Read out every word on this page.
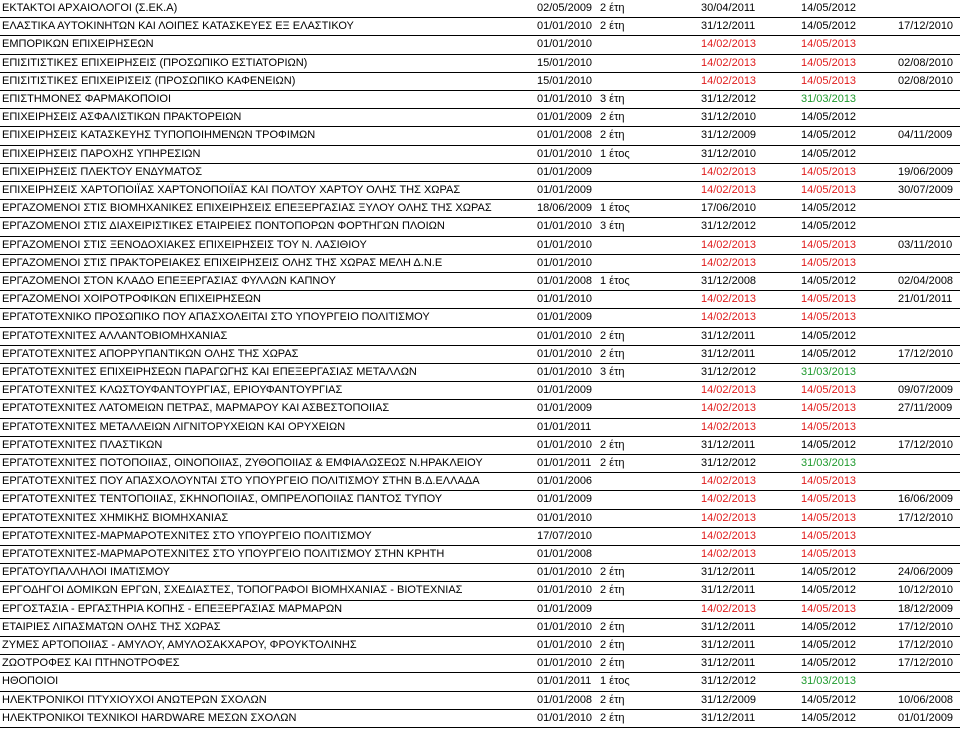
ΕΚΤΑΚΤΟΙ ΑΡΧΑΙΟΛΟΓΟΙ (Σ.ΕΚ.Α)	02/05/2009 2 έτη	30/04/2011	14/05/2012
ΕΛΑΣΤΙΚΑ ΑΥΤΟΚΙΝΗΤΩΝ ΚΑΙ ΛΟΙΠΕΣ ΚΑΤΑΣΚΕΥΕΣ ΕΞ ΕΛΑΣΤΙΚΟΥ	01/01/2010 2 έτη	31/12/2011	14/05/2012	17/12/2010
ΕΜΠΟΡΙΚΩΝ ΕΠΙΧΕΙΡΗΣΕΩΝ	01/01/2010	14/02/2013	14/05/2013
ΕΠΙΣΙΤΙΣΤΙΚΕΣ ΕΠΙΧΕΙΡΗΣΕΙΣ (ΠΡΟΣΩΠΙΚΟ ΕΣΤΙΑΤΟΡΙΩΝ)	15/01/2010	14/02/2013	14/05/2013	02/08/2010
ΕΠΙΣΙΤΙΣΤΙΚΕΣ ΕΠΙΧΕΙΡΙΣΕΙΣ (ΠΡΟΣΩΠΙΚΟ ΚΑΦΕΝΕΙΩΝ)	15/01/2010	14/02/2013	14/05/2013	02/08/2010
ΕΠΙΣΤΗΜΟΝΕΣ ΦΑΡΜΑΚΟΠΟΙΟΙ	01/01/2010 3 έτη	31/12/2012	31/03/2013
ΕΠΙΧΕΙΡΗΣΕΙΣ ΑΣΦΑΛΙΣΤΙΚΩΝ ΠΡΑΚΤΟΡΕΙΩΝ	01/01/2009 2 έτη	31/12/2010	14/05/2012
ΕΠΙΧΕΙΡΗΣΕΙΣ ΚΑΤΑΣΚΕΥΗΣ ΤΥΠΟΠΟΙΗΜΕΝΩΝ ΤΡΟΦΙΜΩΝ	01/01/2008 2 έτη	31/12/2009	14/05/2012	04/11/2009
ΕΠΙΧΕΙΡΗΣΕΙΣ ΠΑΡΟΧΗΣ ΥΠΗΡΕΣΙΩΝ	01/01/2010 1 έτος	31/12/2010	14/05/2012
ΕΠΙΧΕΙΡΗΣΕΙΣ ΠΛΕΚΤΟΥ ΕΝΔΥΜΑΤΟΣ	01/01/2009	14/02/2013	14/05/2013	19/06/2009
ΕΠΙΧΕΙΡΗΣΕΙΣ ΧΑΡΤΟΠΟΙΪΑΣ ΧΑΡΤΟΝΟΠΟΙΪΑΣ ΚΑΙ ΠΟΛΤΟΥ ΧΑΡΤΟΥ ΟΛΗΣ ΤΗΣ ΧΩΡΑΣ	01/01/2009	14/02/2013	14/05/2013	30/07/2009
ΕΡΓΑΖΟΜΕΝΟΙ ΣΤΙΣ ΒΙΟΜΗΧΑΝΙΚΕΣ ΕΠΙΧΕΙΡΗΣΕΙΣ ΕΠΕΞΕΡΓΑΣΙΑΣ ΞΥΛΟΥ ΟΛΗΣ ΤΗΣ ΧΩΡΑΣ	18/06/2009 1 έτος	17/06/2010	14/05/2012
ΕΡΓΑΖΟΜΕΝΟΙ ΣΤΙΣ ΔΙΑΧΕΙΡΙΣΤΙΚΕΣ ΕΤΑΙΡΕΙΕΣ ΠΟΝΤΟΠΟΡΩΝ ΦΟΡΤΗΓΩΝ ΠΛΟΙΩΝ	01/01/2010 3 έτη	31/12/2012	14/05/2012
ΕΡΓΑΖΟΜΕΝΟΙ ΣΤΙΣ ΞΕΝΟΔΟΧΙΑΚΕΣ ΕΠΙΧΕΙΡΗΣΕΙΣ ΤΟΥ Ν. ΛΑΣΙΘΙΟΥ	01/01/2010	14/02/2013	14/05/2013	03/11/2010
ΕΡΓΑΖΟΜΕΝΟΙ ΣΤΙΣ ΠΡΑΚΤΟΡΕΙΑΚΕΣ ΕΠΙΧΕΙΡΗΣΕΙΣ ΟΛΗΣ ΤΗΣ ΧΩΡΑΣ ΜΕΛΗ Δ.Ν.Ε	01/01/2010	14/02/2013	14/05/2013
ΕΡΓΑΖΟΜΕΝΟΙ ΣΤΟΝ ΚΛΑΔΟ ΕΠΕΞΕΡΓΑΣΙΑΣ ΦΥΛΛΩΝ ΚΑΠΝΟΥ	01/01/2008 1 έτος	31/12/2008	14/05/2012	02/04/2008
ΕΡΓΑΖΟΜΕΝΟΙ ΧΟΙΡΟΤΡΟΦΙΚΩΝ ΕΠΙΧΕΙΡΗΣΕΩΝ	01/01/2010	14/02/2013	14/05/2013	21/01/2011
ΕΡΓΑΤΟΤΕΧΝΙΚΟ ΠΡΟΣΩΠΙΚΟ ΠΟΥ ΑΠΑΣΧΟΛΕΙΤΑΙ ΣΤΟ ΥΠΟΥΡΓΕΙΟ ΠΟΛΙΤΙΣΜΟΥ	01/01/2009	14/02/2013	14/05/2013
ΕΡΓΑΤΟΤΕΧΝΙΤΕΣ ΑΛΛΑΝΤΟΒΙΟΜΗΧΑΝΙΑΣ	01/01/2010 2 έτη	31/12/2011	14/05/2012
ΕΡΓΑΤΟΤΕΧΝΙΤΕΣ ΑΠΟΡΡΥΠΑΝΤΙΚΩΝ ΟΛΗΣ ΤΗΣ ΧΩΡΑΣ	01/01/2010 2 έτη	31/12/2011	14/05/2012	17/12/2010
ΕΡΓΑΤΟΤΕΧΝΙΤΕΣ ΕΠΙΧΕΙΡΗΣΕΩΝ ΠΑΡΑΓΩΓΗΣ ΚΑΙ ΕΠΕΞΕΡΓΑΣΙΑΣ ΜΕΤΑΛΛΩΝ	01/01/2010 3 έτη	31/12/2012	31/03/2013
ΕΡΓΑΤΟΤΕΧΝΙΤΕΣ ΚΛΩΣΤΟΥΦΑΝΤΟΥΡΓΙΑΣ, ΕΡΙΟΥΦΑΝΤΟΥΡΓΙΑΣ	01/01/2009	14/02/2013	14/05/2013	09/07/2009
ΕΡΓΑΤΟΤΕΧΝΙΤΕΣ ΛΑΤΟΜΕΙΩΝ ΠΕΤΡΑΣ, ΜΑΡΜΑΡΟΥ ΚΑΙ ΑΣΒΕΣΤΟΠΟΙΙΑΣ	01/01/2009	14/02/2013	14/05/2013	27/11/2009
ΕΡΓΑΤΟΤΕΧΝΙΤΕΣ ΜΕΤΑΛΛΕΙΩΝ ΛΙΓΝΙΤΟΡΥΧΕΙΩΝ ΚΑΙ ΟΡΥΧΕΙΩΝ	01/01/2011	14/02/2013	14/05/2013
ΕΡΓΑΤΟΤΕΧΝΙΤΕΣ ΠΛΑΣΤΙΚΩΝ	01/01/2010 2 έτη	31/12/2011	14/05/2012	17/12/2010
ΕΡΓΑΤΟΤΕΧΝΙΤΕΣ ΠΟΤΟΠΟΙΙΑΣ, ΟΙΝΟΠΟΙΙΑΣ, ΖΥΘΟΠΟΙΙΑΣ & ΕΜΦΙΑΛΩΣΕΩΣ Ν.ΗΡΑΚΛΕΙΟΥ	01/01/2011 2 έτη	31/12/2012	31/03/2013
ΕΡΓΑΤΟΤΕΧΝΙΤΕΣ ΠΟΥ ΑΠΑΣΧΟΛΟΥΝΤΑΙ ΣΤΟ ΥΠΟΥΡΓΕΙΟ ΠΟΛΙΤΙΣΜΟΥ ΣΤΗΝ Β.Δ.ΕΛΛΑΔΑ	01/01/2006	14/02/2013	14/05/2013
ΕΡΓΑΤΟΤΕΧΝΙΤΕΣ ΤΕΝΤΟΠΟΙΙΑΣ, ΣΚΗΝΟΠΟΙΙΑΣ, ΟΜΠΡΕΛΟΠΟΙΙΑΣ ΠΑΝΤΟΣ ΤΥΠΟΥ	01/01/2009	14/02/2013	14/05/2013	16/06/2009
ΕΡΓΑΤΟΤΕΧΝΙΤΕΣ ΧΗΜΙΚΗΣ ΒΙΟΜΗΧΑΝΙΑΣ	01/01/2010	14/02/2013	14/05/2013	17/12/2010
ΕΡΓΑΤΟΤΕΧΝΙΤΕΣ-ΜΑΡΜΑΡΟΤΕΧΝΙΤΕΣ ΣΤΟ ΥΠΟΥΡΓΕΙΟ ΠΟΛΙΤΙΣΜΟΥ	17/07/2010	14/02/2013	14/05/2013
ΕΡΓΑΤΟΤΕΧΝΙΤΕΣ-ΜΑΡΜΑΡΟΤΕΧΝΙΤΕΣ ΣΤΟ ΥΠΟΥΡΓΕΙΟ ΠΟΛΙΤΙΣΜΟΥ ΣΤΗΝ ΚΡΗΤΗ	01/01/2008	14/02/2013	14/05/2013
ΕΡΓΑΤΟΥΠΑΛΛΗΛΟΙ ΙΜΑΤΙΣΜΟΥ	01/01/2010 2 έτη	31/12/2011	14/05/2012	24/06/2009
ΕΡΓΟΔΗΓΟΙ ΔΟΜΙΚΩΝ ΕΡΓΩΝ, ΣΧΕΔΙΑΣΤΕΣ, ΤΟΠΟΓΡΑΦΟΙ ΒΙΟΜΗΧΑΝΙΑΣ - ΒΙΟΤΕΧΝΙΑΣ	01/01/2010 2 έτη	31/12/2011	14/05/2012	10/12/2010
ΕΡΓΟΣΤΑΣΙΑ - ΕΡΓΑΣΤΗΡΙΑ ΚΟΠΗΣ - ΕΠΕΞΕΡΓΑΣΙΑΣ ΜΑΡΜΑΡΩΝ	01/01/2009	14/02/2013	14/05/2013	18/12/2009
ΕΤΑΙΡΙΕΣ ΛΙΠΑΣΜΑΤΩΝ ΟΛΗΣ ΤΗΣ ΧΩΡΑΣ	01/01/2010 2 έτη	31/12/2011	14/05/2012	17/12/2010
ΖΥΜΕΣ ΑΡΤΟΠΟΙΙΑΣ - ΑΜΥΛΟΥ, ΑΜΥΛΟΣΑΚΧΑΡΟΥ, ΦΡΟΥΚΤΟΛΙΝΗΣ	01/01/2010 2 έτη	31/12/2011	14/05/2012	17/12/2010
ΖΩΟΤΡΟΦΕΣ ΚΑΙ ΠΤΗΝΟΤΡΟΦΕΣ	01/01/2010 2 έτη	31/12/2011	14/05/2012	17/12/2010
ΗΘΟΠΟΙΟΙ	01/01/2011 1 έτος	31/12/2012	31/03/2013
ΗΛΕΚΤΡΟΝΙΚΟΙ ΠΤΥΧΙΟΥΧΟΙ ΑΝΩΤΕΡΩΝ ΣΧΟΛΩΝ	01/01/2008 2 έτη	31/12/2009	14/05/2012	10/06/2008
ΗΛΕΚΤΡΟΝΙΚΟΙ ΤΕΧΝΙΚΟΙ HARDWARE ΜΕΣΩΝ ΣΧΟΛΩΝ	01/01/2010 2 έτη	31/12/2011	14/05/2012	01/01/2009
